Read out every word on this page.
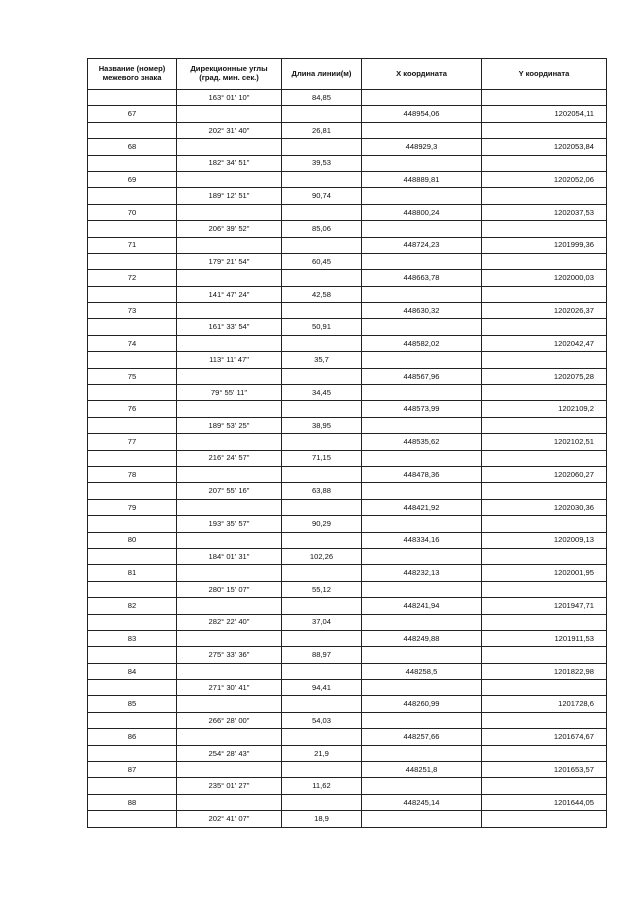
Название (номер) межевого знака	Дирекционные углы (град. мин. сек.)	Длина линии(м)	X координата	Y координата
	163° 01' 10"	84,85		
67			448954,06	1202054,11
	202° 31' 40"	26,81		
68			448929,3	1202053,84
	182° 34' 51"	39,53		
69			448889,81	1202052,06
	189° 12' 51"	90,74		
70			448800,24	1202037,53
	206° 39' 52"	85,06		
71			448724,23	1201999,36
	179° 21' 54"	60,45		
72			448663,78	1202000,03
	141° 47' 24"	42,58		
73			448630,32	1202026,37
	161° 33' 54"	50,91		
74			448582,02	1202042,47
	113° 11' 47"	35,7		
75			448567,96	1202075,28
	79° 55' 11"	34,45		
76			448573,99	1202109,2
	189° 53' 25"	38,95		
77			448535,62	1202102,51
	216° 24' 57"	71,15		
78			448478,36	1202060,27
	207° 55' 16"	63,88		
79			448421,92	1202030,36
	193° 35' 57"	90,29		
80			448334,16	1202009,13
	184° 01' 31"	102,26		
81			448232,13	1202001,95
	280° 15' 07"	55,12		
82			448241,94	1201947,71
	282° 22' 40"	37,04		
83			448249,88	1201911,53
	275° 33' 36"	88,97		
84			448258,5	1201822,98
	271° 30' 41"	94,41		
85			448260,99	1201728,6
	266° 28' 00"	54,03		
86			448257,66	1201674,67
	254° 28' 43"	21,9		
87			448251,8	1201653,57
	235° 01' 27"	11,62		
88			448245,14	1201644,05
	202° 41' 07"	18,9		
